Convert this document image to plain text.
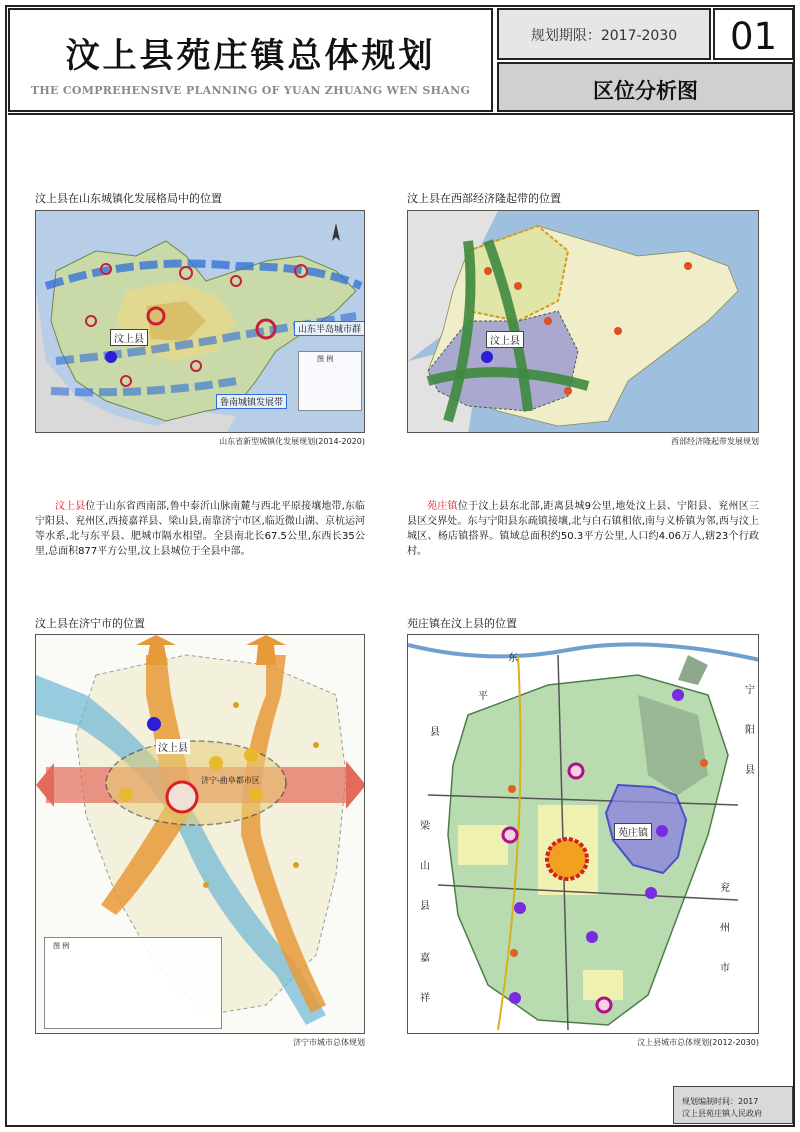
汶上县苑庄镇总体规划
THE COMPREHENSIVE PLANNING OF YUAN ZHUANG WEN SHANG
规划期限：2017-2030	01
区位分析图
汶上县在山东城镇化发展格局中的位置
汶上县
山东半岛城市群
鲁南城镇发展带
图 例
山东省新型城镇化发展规划(2014-2020)
汶上县在西部经济隆起带的位置
汶上县
西部经济隆起带发展规划
汶上县位于山东省西南部,鲁中泰沂山脉南麓与西北平原接壤地带,东临宁阳县、兖州区,西接嘉祥县、梁山县,南靠济宁市区,临近微山湖、京杭运河等水系,北与东平县、肥城市隔水相望。全县南北长67.5公里,东西长35公里,总面积877平方公里,汶上县城位于全县中部。
苑庄镇位于汶上县东北部,距离县城9公里,地处汶上县、宁阳县、兖州区三县区交界处。东与宁阳县东疏镇接壤,北与白石镇相依,南与义桥镇为邻,西与汶上城区、杨店镇搭界。镇域总面积约50.3平方公里,人口约4.06万人,辖23个行政村。
汶上县在济宁市的位置
汶上县
济宁-曲阜都市区
图 例
济宁市城市总体规划
苑庄镇在汶上县的位置
苑庄镇
宁
阳
县
兖
州
市
梁
山
县
嘉
祥
东
平
县
汶上县城市总体规划(2012-2030)
规划编制时间：2017
汶上县苑庄镇人民政府
